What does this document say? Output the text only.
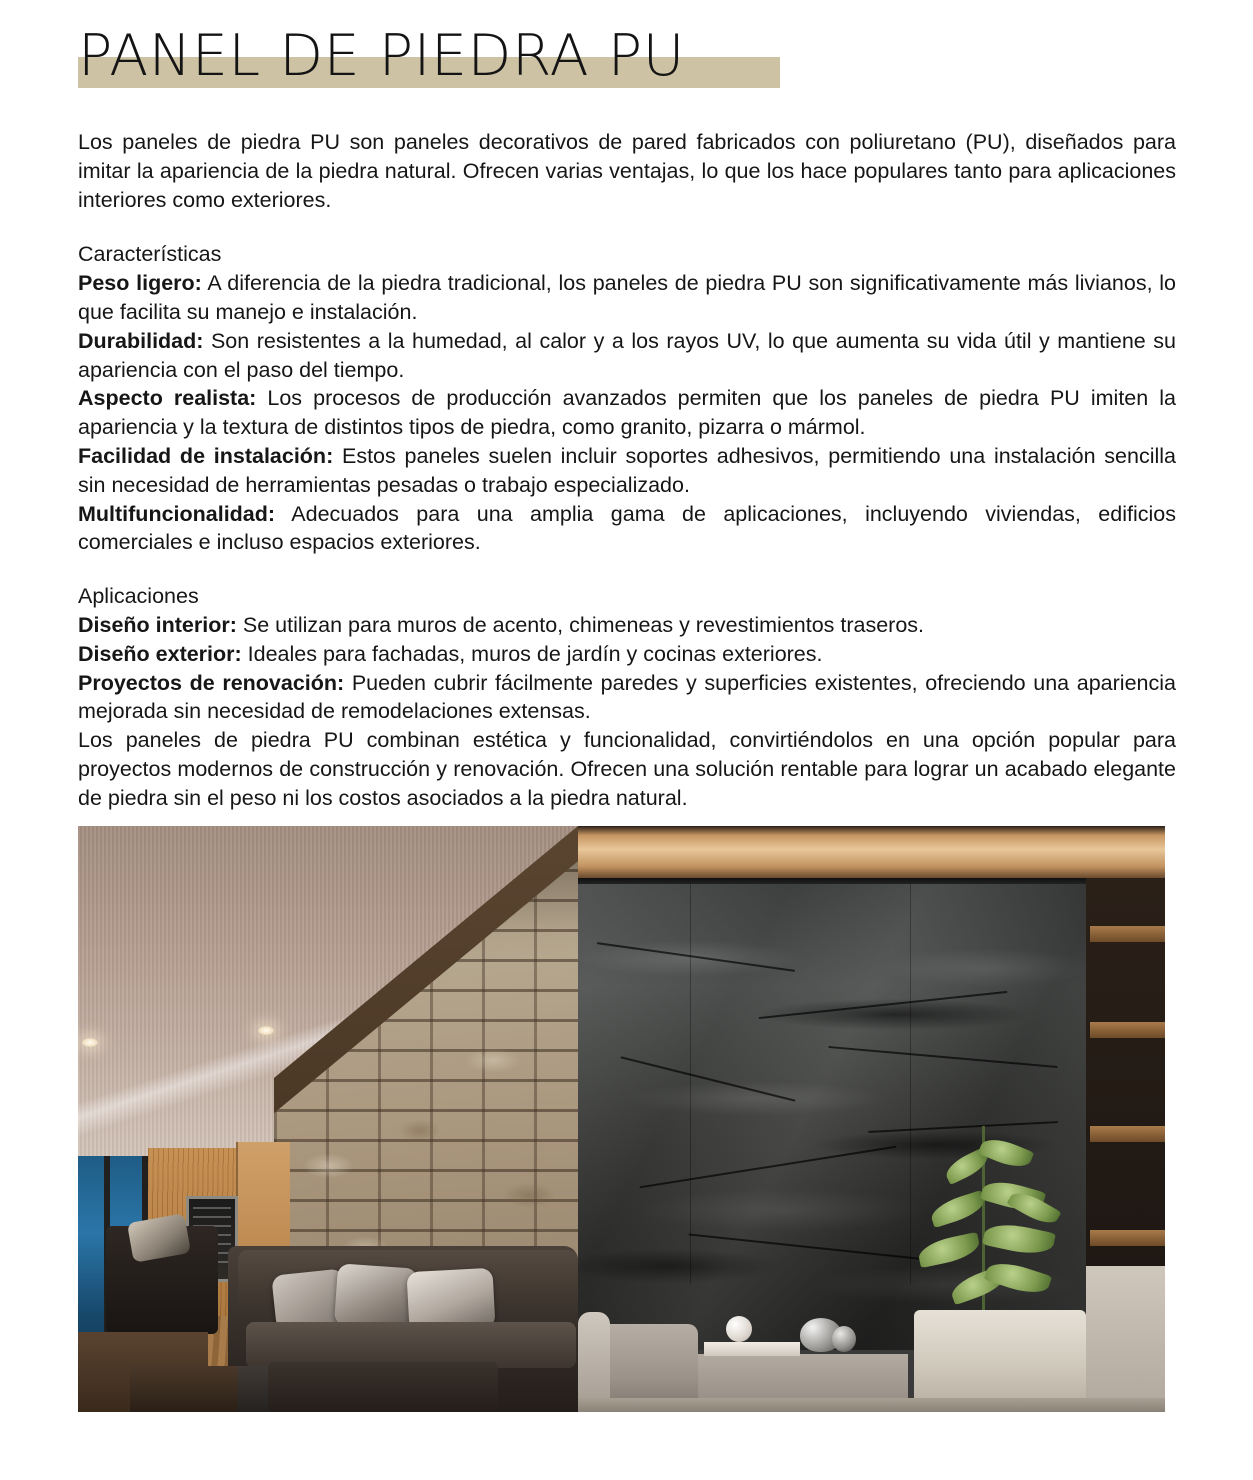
PANEL DE PIEDRA PU

Los paneles de piedra PU son paneles decorativos de pared fabricados con poliuretano (PU), diseñados para imitar la apariencia de la piedra natural. Ofrecen varias ventajas, lo que los hace populares tanto para aplicaciones interiores como exteriores.

Características

Peso ligero: A diferencia de la piedra tradicional, los paneles de piedra PU son significativamente más livianos, lo que facilita su manejo e instalación.

Durabilidad: Son resistentes a la humedad, al calor y a los rayos UV, lo que aumenta su vida útil y mantiene su apariencia con el paso del tiempo.

Aspecto realista: Los procesos de producción avanzados permiten que los paneles de piedra PU imiten la apariencia y la textura de distintos tipos de piedra, como granito, pizarra o mármol.

Facilidad de instalación: Estos paneles suelen incluir soportes adhesivos, permitiendo una instalación sencilla sin necesidad de herramientas pesadas o trabajo especializado.

Multifuncionalidad: Adecuados para una amplia gama de aplicaciones, incluyendo viviendas, edificios comerciales e incluso espacios exteriores.

Aplicaciones

Diseño interior: Se utilizan para muros de acento, chimeneas y revestimientos traseros.

Diseño exterior: Ideales para fachadas, muros de jardín y cocinas exteriores.

Proyectos de renovación: Pueden cubrir fácilmente paredes y superficies existentes, ofreciendo una apariencia mejorada sin necesidad de remodelaciones extensas.

Los paneles de piedra PU combinan estética y funcionalidad, convirtiéndolos en una opción popular para proyectos modernos de construcción y renovación. Ofrecen una solución rentable para lograr un acabado elegante de piedra sin el peso ni los costos asociados a la piedra natural.
